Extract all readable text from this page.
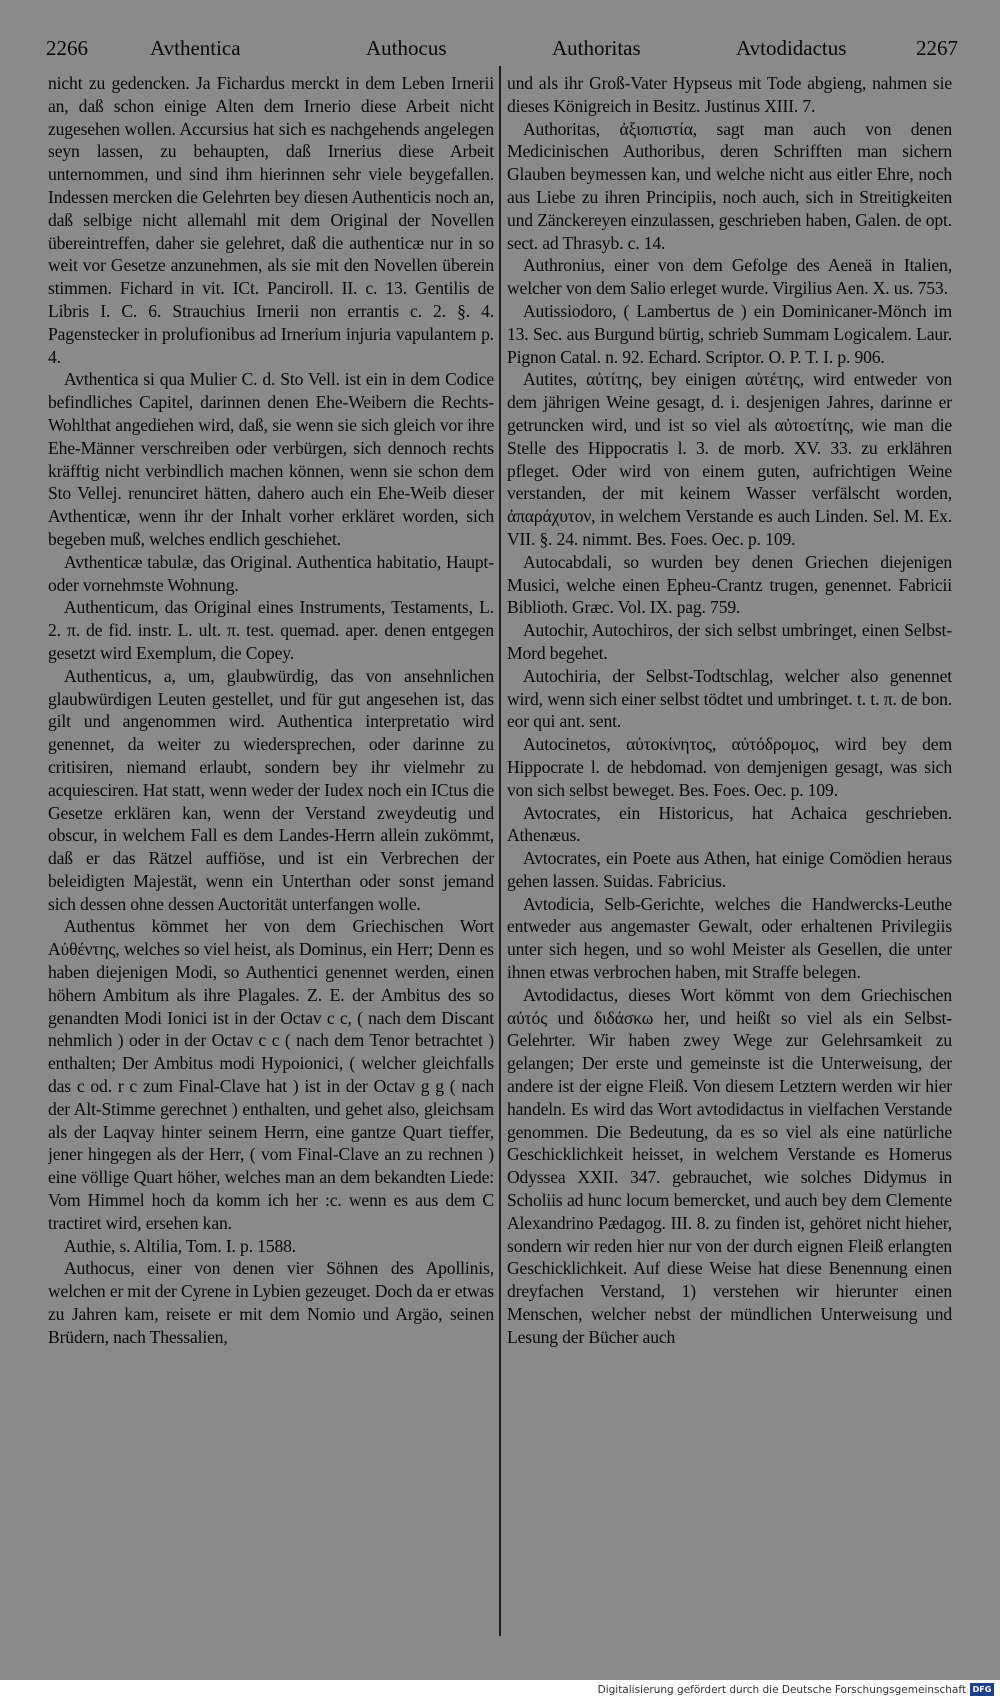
2266	Avthentica	Authocus	Authoritas	Avtodidactus	2267

nicht zu gedencken. Ja Fichardus merckt in dem Leben Irnerii an, daß schon einige Alten dem Irnerio diese Arbeit nicht zugesehen wollen. Accursius hat sich es nachgehends angelegen seyn lassen, zu behaupten, daß Irnerius diese Arbeit unternommen, und sind ihm hierinnen sehr viele beygefallen. Indessen mercken die Gelehrten bey diesen Authenticis noch an, daß selbige nicht allemahl mit dem Original der Novellen übereintreffen, daher sie gelehret, daß die authenticæ nur in so weit vor Gesetze anzunehmen, als sie mit den Novellen überein stimmen. Fichard in vit. ICt. Panciroll. II. c. 13. Gentilis de Libris I. C. 6. Strauchius Irnerii non errantis c. 2. §. 4. Pagenstecker in prolufionibus ad Irnerium injuria vapulantem p. 4.

Avthentica si qua Mulier C. d. Sto Vell. ist ein in dem Codice befindliches Capitel, darinnen denen Ehe-Weibern die Rechts-Wohlthat angediehen wird, daß, sie wenn sie sich gleich vor ihre Ehe-Männer verschreiben oder verbürgen, sich dennoch rechts kräfftig nicht verbindlich machen können, wenn sie schon dem Sto Vellej. renunciret hätten, dahero auch ein Ehe-Weib dieser Avthenticæ, wenn ihr der Inhalt vorher erkläret worden, sich begeben muß, welches endlich geschiehet.

Avthenticæ tabulæ, das Original. Authentica habitatio, Haupt- oder vornehmste Wohnung.

Authenticum, das Original eines Instruments, Testaments, L. 2. π. de fid. instr. L. ult. π. test. quemad. aper. denen entgegen gesetzt wird Exemplum, die Copey.

Authenticus, a, um, glaubwürdig, das von ansehnlichen glaubwürdigen Leuten gestellet, und für gut angesehen ist, das gilt und angenommen wird. Authentica interpretatio wird genennet, da weiter zu wiedersprechen, oder darinne zu critisiren, niemand erlaubt, sondern bey ihr vielmehr zu acquiesciren. Hat statt, wenn weder der Iudex noch ein ICtus die Gesetze erklären kan, wenn der Verstand zweydeutig und obscur, in welchem Fall es dem Landes-Herrn allein zukömmt, daß er das Rätzel auffiöse, und ist ein Verbrechen der beleidigten Majestät, wenn ein Unterthan oder sonst jemand sich dessen ohne dessen Auctorität unterfangen wolle.

Authentus kömmet her von dem Griechischen Wort Αὐθέντης, welches so viel heist, als Dominus, ein Herr; Denn es haben diejenigen Modi, so Authentici genennet werden, einen höhern Ambitum als ihre Plagales. Z. E. der Ambitus des so genandten Modi Ionici ist in der Octav c c, ( nach dem Discant nehmlich ) oder in der Octav c c ( nach dem Tenor betrachtet ) enthalten; Der Ambitus modi Hypoionici, ( welcher gleichfalls das c od. r c zum Final-Clave hat ) ist in der Octav g g ( nach der Alt-Stimme gerechnet ) enthalten, und gehet also, gleichsam als der Laqvay hinter seinem Herrn, eine gantze Quart tieffer, jener hingegen als der Herr, ( vom Final-Clave an zu rechnen ) eine völlige Quart höher, welches man an dem bekandten Liede: Vom Himmel hoch da komm ich her :c. wenn es aus dem C tractiret wird, ersehen kan.

Authie, s. Altilia, Tom. I. p. 1588.

Authocus, einer von denen vier Söhnen des Apollinis, welchen er mit der Cyrene in Lybien gezeuget. Doch da er etwas zu Jahren kam, reisete er mit dem Nomio und Argäo, seinen Brüdern, nach Thessalien,

und als ihr Groß-Vater Hypseus mit Tode abgieng, nahmen sie dieses Königreich in Besitz. Justinus XIII. 7.

Authoritas, ἀξιοπιστία, sagt man auch von denen Medicinischen Authoribus, deren Schrifften man sichern Glauben beymessen kan, und welche nicht aus eitler Ehre, noch aus Liebe zu ihren Principiis, noch auch, sich in Streitigkeiten und Zänckereyen einzulassen, geschrieben haben, Galen. de opt. sect. ad Thrasyb. c. 14.

Authronius, einer von dem Gefolge des Aeneä in Italien, welcher von dem Salio erleget wurde. Virgilius Aen. X. us. 753.

Autissiodoro, ( Lambertus de ) ein Dominicaner-Mönch im 13. Sec. aus Burgund bürtig, schrieb Summam Logicalem. Laur. Pignon Catal. n. 92. Echard. Scriptor. O. P. T. I. p. 906.

Autites, αὐτίτης, bey einigen αὐτέτης, wird entweder von dem jährigen Weine gesagt, d. i. desjenigen Jahres, darinne er getruncken wird, und ist so viel als αὐτοετίτης, wie man die Stelle des Hippocratis l. 3. de morb. XV. 33. zu erklähren pfleget. Oder wird von einem guten, aufrichtigen Weine verstanden, der mit keinem Wasser verfälscht worden, ἀπαράχυτον, in welchem Verstande es auch Linden. Sel. M. Ex. VII. §. 24. nimmt. Bes. Foes. Oec. p. 109.

Autocabdali, so wurden bey denen Griechen diejenigen Musici, welche einen Epheu-Crantz trugen, genennet. Fabricii Biblioth. Græc. Vol. IX. pag. 759.

Autochir, Autochiros, der sich selbst umbringet, einen Selbst-Mord begehet.

Autochiria, der Selbst-Todtschlag, welcher also genennet wird, wenn sich einer selbst tödtet und umbringet. t. t. π. de bon. eor qui ant. sent.

Autocinetos, αὐτοκίνητος, αὐτόδρομος, wird bey dem Hippocrate l. de hebdomad. von demjenigen gesagt, was sich von sich selbst beweget. Bes. Foes. Oec. p. 109.

Avtocrates, ein Historicus, hat Achaica geschrieben. Athenæus.

Avtocrates, ein Poete aus Athen, hat einige Comödien heraus gehen lassen. Suidas. Fabricius.

Avtodicia, Selb-Gerichte, welches die Handwercks-Leuthe entweder aus angemaster Gewalt, oder erhaltenen Privilegiis unter sich hegen, und so wohl Meister als Gesellen, die unter ihnen etwas verbrochen haben, mit Straffe belegen.

Avtodidactus, dieses Wort kömmt von dem Griechischen αὐτός und διδάσκω her, und heißt so viel als ein Selbst-Gelehrter. Wir haben zwey Wege zur Gelehrsamkeit zu gelangen; Der erste und gemeinste ist die Unterweisung, der andere ist der eigne Fleiß. Von diesem Letztern werden wir hier handeln. Es wird das Wort avtodidactus in vielfachen Verstande genommen. Die Bedeutung, da es so viel als eine natürliche Geschicklichkeit heisset, in welchem Verstande es Homerus Odyssea XXII. 347. gebrauchet, wie solches Didymus in Scholiis ad hunc locum bemercket, und auch bey dem Clemente Alexandrino Pædagog. III. 8. zu finden ist, gehöret nicht hieher, sondern wir reden hier nur von der durch eignen Fleiß erlangten Geschicklichkeit. Auf diese Weise hat diese Benennung einen dreyfachen Verstand, 1) verstehen wir hierunter einen Menschen, welcher nebst der mündlichen Unterweisung und Lesung der Bücher auch

Digitalisierung gefördert durch die Deutsche Forschungsgemeinschaft DFG
